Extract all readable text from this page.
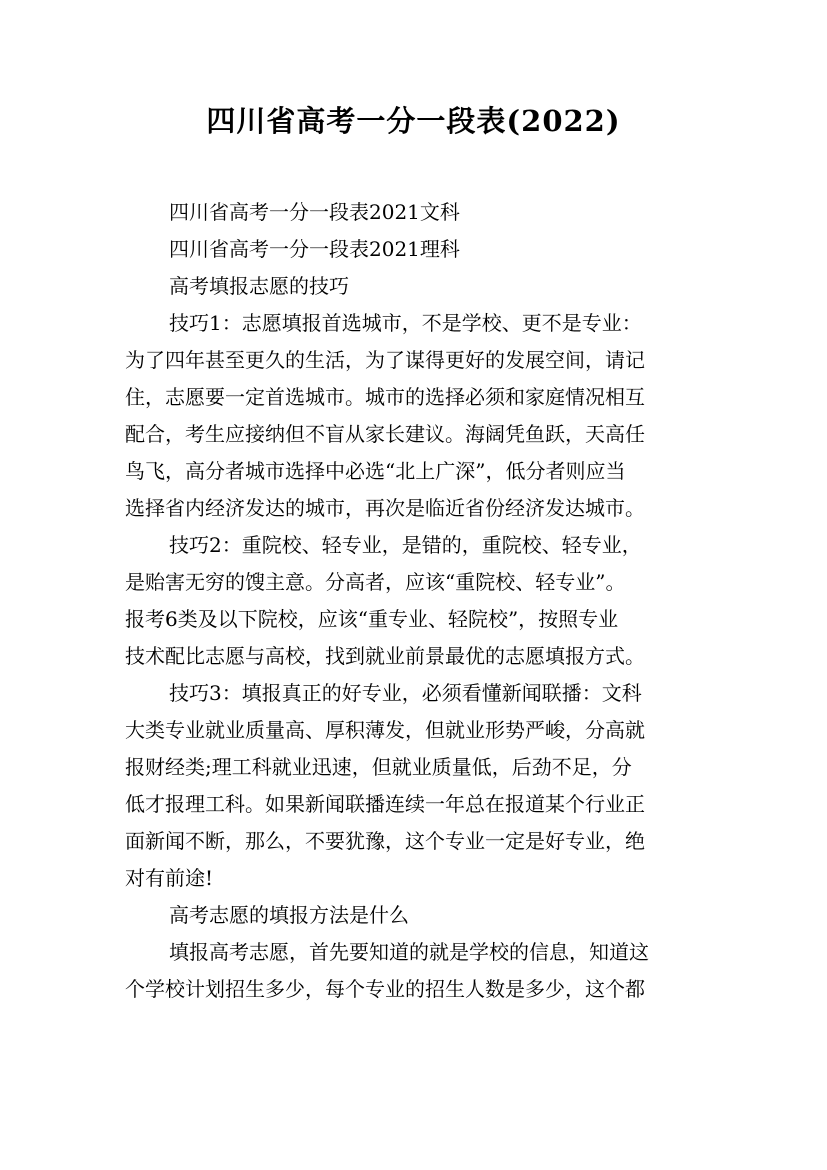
四川省高考一分一段表(2022)
四川省高考一分一段表2021文科
四川省高考一分一段表2021理科
高考填报志愿的技巧
技巧1：志愿填报首选城市，不是学校、更不是专业：
为了四年甚至更久的生活，为了谋得更好的发展空间，请记
住，志愿要一定首选城市。城市的选择必须和家庭情况相互
配合，考生应接纳但不盲从家长建议。海阔凭鱼跃，天高任
鸟飞，高分者城市选择中必选“北上广深”，低分者则应当
选择省内经济发达的城市，再次是临近省份经济发达城市。
技巧2：重院校、轻专业，是错的，重院校、轻专业，
是贻害无穷的馊主意。分高者，应该“重院校、轻专业”。
报考6类及以下院校，应该“重专业、轻院校”，按照专业
技术配比志愿与高校，找到就业前景最优的志愿填报方式。
技巧3：填报真正的好专业，必须看懂新闻联播：文科
大类专业就业质量高、厚积薄发，但就业形势严峻，分高就
报财经类;理工科就业迅速，但就业质量低，后劲不足，分
低才报理工科。如果新闻联播连续一年总在报道某个行业正
面新闻不断，那么，不要犹豫，这个专业一定是好专业，绝
对有前途!
高考志愿的填报方法是什么
填报高考志愿，首先要知道的就是学校的信息，知道这
个学校计划招生多少，每个专业的招生人数是多少，这个都
